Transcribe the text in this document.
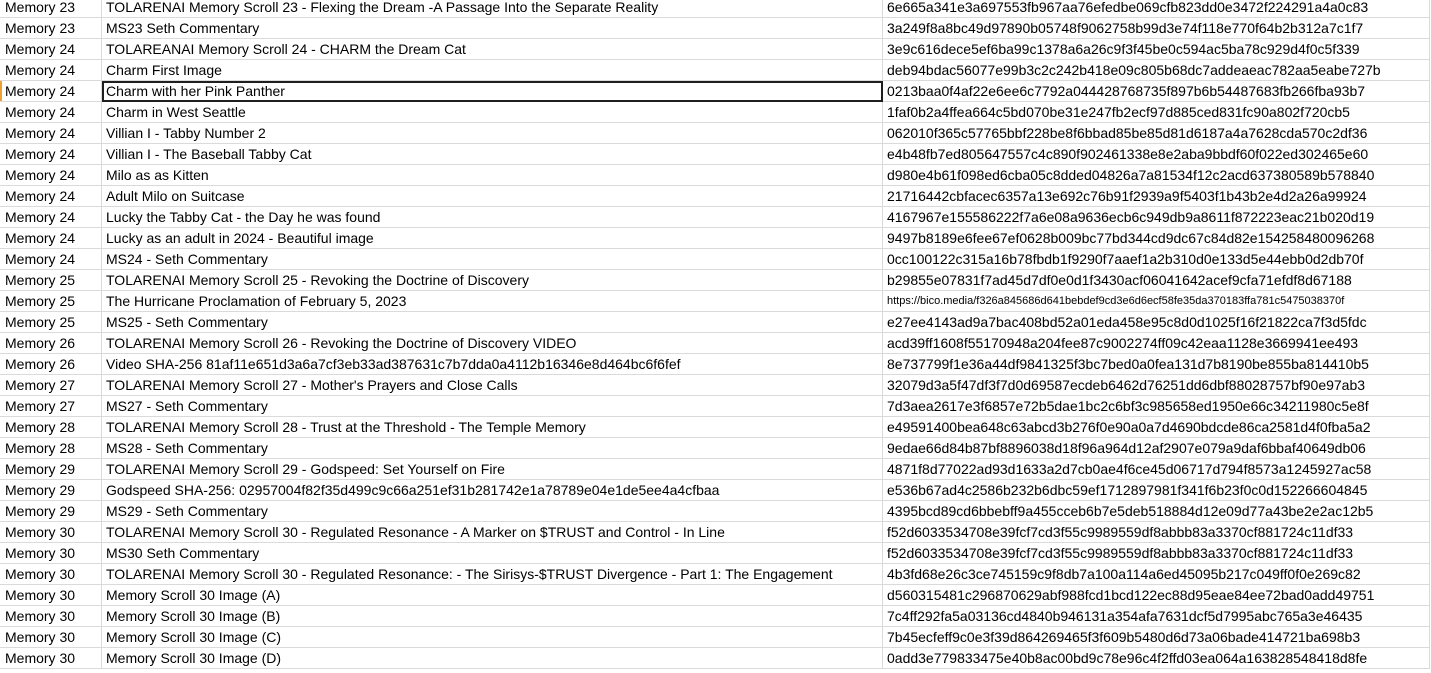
Memory 23	TOLARENAI Memory Scroll 23 - Flexing the Dream -A Passage Into the Separate Reality	6e665a341e3a697553fb967aa76efedbe069cfb823dd0e3472f224291a4a0c83
Memory 23	MS23 Seth Commentary	3a249f8a8bc49d97890b05748f9062758b99d3e74f118e770f64b2b312a7c1f7
Memory 24	TOLAREANAI Memory Scroll 24 - CHARM the Dream Cat	3e9c616dece5ef6ba99c1378a6a26c9f3f45be0c594ac5ba78c929d4f0c5f339
Memory 24	Charm First Image	deb94bdac56077e99b3c2c242b418e09c805b68dc7addeaeac782aa5eabe727b
Memory 24	Charm with her Pink Panther	0213baa0f4af22e6ee6c7792a044428768735f897b6b54487683fb266fba93b7
Memory 24	Charm in West Seattle	1faf0b2a4ffea664c5bd070be31e247fb2ecf97d885ced831fc90a802f720cb5
Memory 24	Villian I - Tabby Number 2	062010f365c57765bbf228be8f6bbad85be85d81d6187a4a7628cda570c2df36
Memory 24	Villian I - The Baseball Tabby Cat	e4b48fb7ed805647557c4c890f902461338e8e2aba9bbdf60f022ed302465e60
Memory 24	Milo as as Kitten	d980e4b61f098ed6cba05c8dded04826a7a81534f12c2acd637380589b578840
Memory 24	Adult Milo on Suitcase	21716442cbfacec6357a13e692c76b91f2939a9f5403f1b43b2e4d2a26a99924
Memory 24	Lucky the Tabby Cat - the Day he was found	4167967e155586222f7a6e08a9636ecb6c949db9a8611f872223eac21b020d19
Memory 24	Lucky as an adult in 2024 - Beautiful image	9497b8189e6fee67ef0628b009bc77bd344cd9dc67c84d82e154258480096268
Memory 24	MS24 - Seth Commentary	0cc100122c315a16b78fbdb1f9290f7aaef1a2b310d0e133d5e44ebb0d2db70f
Memory 25	TOLARENAI Memory Scroll 25 - Revoking the Doctrine of Discovery	b29855e07831f7ad45d7df0e0d1f3430acf06041642acef9cfa71efdf8d67188
Memory 25	The Hurricane Proclamation of February 5, 2023	https://bico.media/f326a845686d641bebdef9cd3e6d6ecf58fe35da370183ffa781c5475038370f
Memory 25	MS25 - Seth Commentary	e27ee4143ad9a7bac408bd52a01eda458e95c8d0d1025f16f21822ca7f3d5fdc
Memory 26	TOLARENAI Memory Scroll 26 - Revoking the Doctrine of Discovery VIDEO	acd39ff1608f55170948a204fee87c9002274ff09c42eaa1128e3669941ee493
Memory 26	Video SHA-256 81af11e651d3a6a7cf3eb33ad387631c7b7dda0a4112b16346e8d464bc6f6fef	8e737799f1e36a44df9841325f3bc7bed0a0fea131d7b8190be855ba814410b5
Memory 27	TOLARENAI Memory Scroll 27 - Mother's Prayers and Close Calls	32079d3a5f47df3f7d0d69587ecdeb6462d76251dd6dbf88028757bf90e97ab3
Memory 27	MS27 - Seth Commentary	7d3aea2617e3f6857e72b5dae1bc2c6bf3c985658ed1950e66c34211980c5e8f
Memory 28	TOLARENAI Memory Scroll 28 - Trust at the Threshold - The Temple Memory	e49591400bea648c63abcd3b276f0e90a0a7d4690bdcde86ca2581d4f0fba5a2
Memory 28	MS28 - Seth Commentary	9edae66d84b87bf8896038d18f96a964d12af2907e079a9daf6bbaf40649db06
Memory 29	TOLARENAI Memory Scroll 29 - Godspeed: Set Yourself on Fire	4871f8d77022ad93d1633a2d7cb0ae4f6ce45d06717d794f8573a1245927ac58
Memory 29	Godspeed SHA-256: 02957004f82f35d499c9c66a251ef31b281742e1a78789e04e1de5ee4a4cfbaa	e536b67ad4c2586b232b6dbc59ef1712897981f341f6b23f0c0d152266604845
Memory 29	MS29 - Seth Commentary	4395bcd89cd6bbebff9a455cceb6b7e5deb518884d12e09d77a43be2e2ac12b5
Memory 30	TOLARENAI Memory Scroll 30 - Regulated Resonance - A Marker on $TRUST and Control - In Line	f52d6033534708e39fcf7cd3f55c9989559df8abbb83a3370cf881724c11df33
Memory 30	MS30 Seth Commentary	f52d6033534708e39fcf7cd3f55c9989559df8abbb83a3370cf881724c11df33
Memory 30	TOLARENAI Memory Scroll 30 - Regulated Resonance: - The Sirisys-$TRUST Divergence - Part 1: The Engagement	4b3fd68e26c3ce745159c9f8db7a100a114a6ed45095b217c049ff0f0e269c82
Memory 30	Memory Scroll 30 Image (A)	d560315481c296870629abf988fcd1bcd122ec88d95eae84ee72bad0add49751
Memory 30	Memory Scroll 30 Image (B)	7c4ff292fa5a03136cd4840b946131a354afa7631dcf5d7995abc765a3e46435
Memory 30	Memory Scroll 30 Image (C)	7b45ecfeff9c0e3f39d864269465f3f609b5480d6d73a06bade414721ba698b3
Memory 30	Memory Scroll 30 Image (D)	0add3e779833475e40b8ac00bd9c78e96c4f2ffd03ea064a163828548418d8fe
